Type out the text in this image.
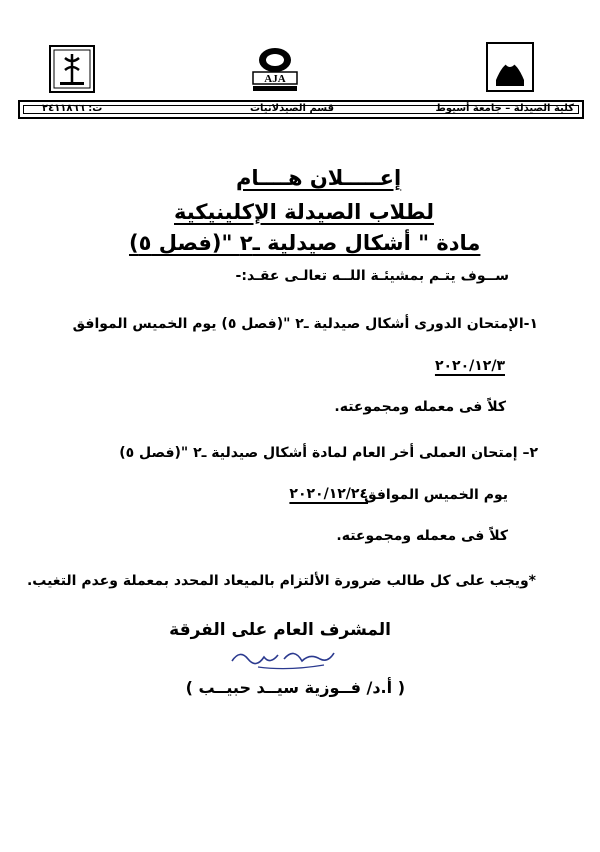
AJA
كلية الصيدلة – جامعة أسيوط
قسم الصيدلانيات
ت: ٢٤١١٨٦٦
إعـــــلان هــــام
لطلاب الصيدلة الإكلينيكية
مادة " أشكال صيدلية ـ٢ "(فصل ٥)
ســوف يتـم بمشيئـة اللــه تعالـى عقـد:-
١-الإمتحان الدورى أشكال صيدلية ـ٢ "(فصل ٥) يوم الخميس الموافق
٢٠٢٠/١٢/٣
كلاً فى معمله ومجموعته.
٢– إمتحان العملى أخر العام لمادة أشكال صيدلية ـ٢ "(فصل ٥)
يوم الخميس الموافق
٢٠٢٠/١٢/٢٤
كلاً فى معمله ومجموعته.
*ويجب على كل طالب ضرورة الألتزام بالميعاد المحدد بمعملة وعدم التغيب.
المشرف العام على الفرقة
( أ.د/ فــوزية سيــد حبيــب )
